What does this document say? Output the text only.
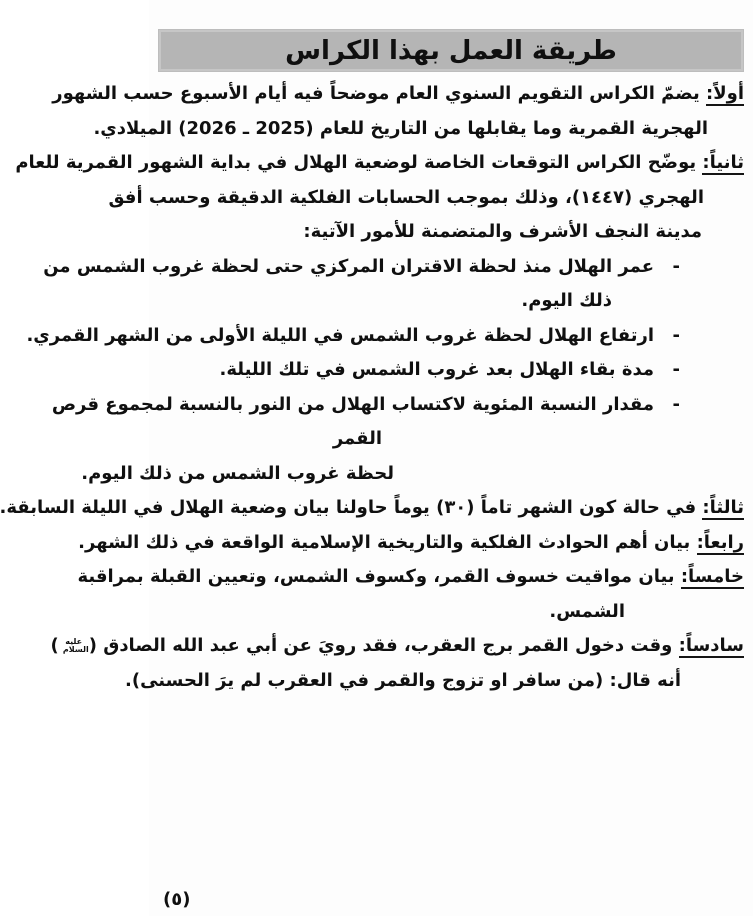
طريقة العمل بهذا الكراس
أولاً: يضمّ الكراس التقويم السنوي العام موضحاً فيه أيام الأسبوع حسب الشهور
الهجرية القمرية وما يقابلها من التاريخ للعام (2025 ـ 2026) الميلادي.
ثانياً: يوضّح الكراس التوقعات الخاصة لوضعية الهلال في بداية الشهور القمرية للعام
الهجري (١٤٤٧)، وذلك بموجب الحسابات الفلكية الدقيقة وحسب أفق
مدينة النجف الأشرف والمتضمنة للأمور الآتية:
-
عمر الهلال منذ لحظة الاقتران المركزي حتى لحظة غروب الشمس من
ذلك اليوم.
-
ارتفاع الهلال لحظة غروب الشمس في الليلة الأولى من الشهر القمري.
-
مدة بقاء الهلال بعد غروب الشمس في تلك الليلة.
-
مقدار النسبة المئوية لاكتساب الهلال من النور بالنسبة لمجموع قرص
القمر
لحظة غروب الشمس من ذلك اليوم.
ثالثاً: في حالة كون الشهر تاماً (٣٠) يوماً حاولنا بيان وضعية الهلال في الليلة السابقة.
رابعاً: بيان أهم الحوادث الفلكية والتاريخية الإسلامية الواقعة في ذلك الشهر.
خامساً: بيان مواقيت خسوف القمر، وكسوف الشمس، وتعيين القبلة بمراقبة
الشمس.
سادساً: وقت دخول القمر برج العقرب، فقد رويَ عن أبي عبد الله الصادق (عليه السلام)
أنه قال: (من سافر او تزوج والقمر في العقرب لم يرَ الحسنى).
(٥)
